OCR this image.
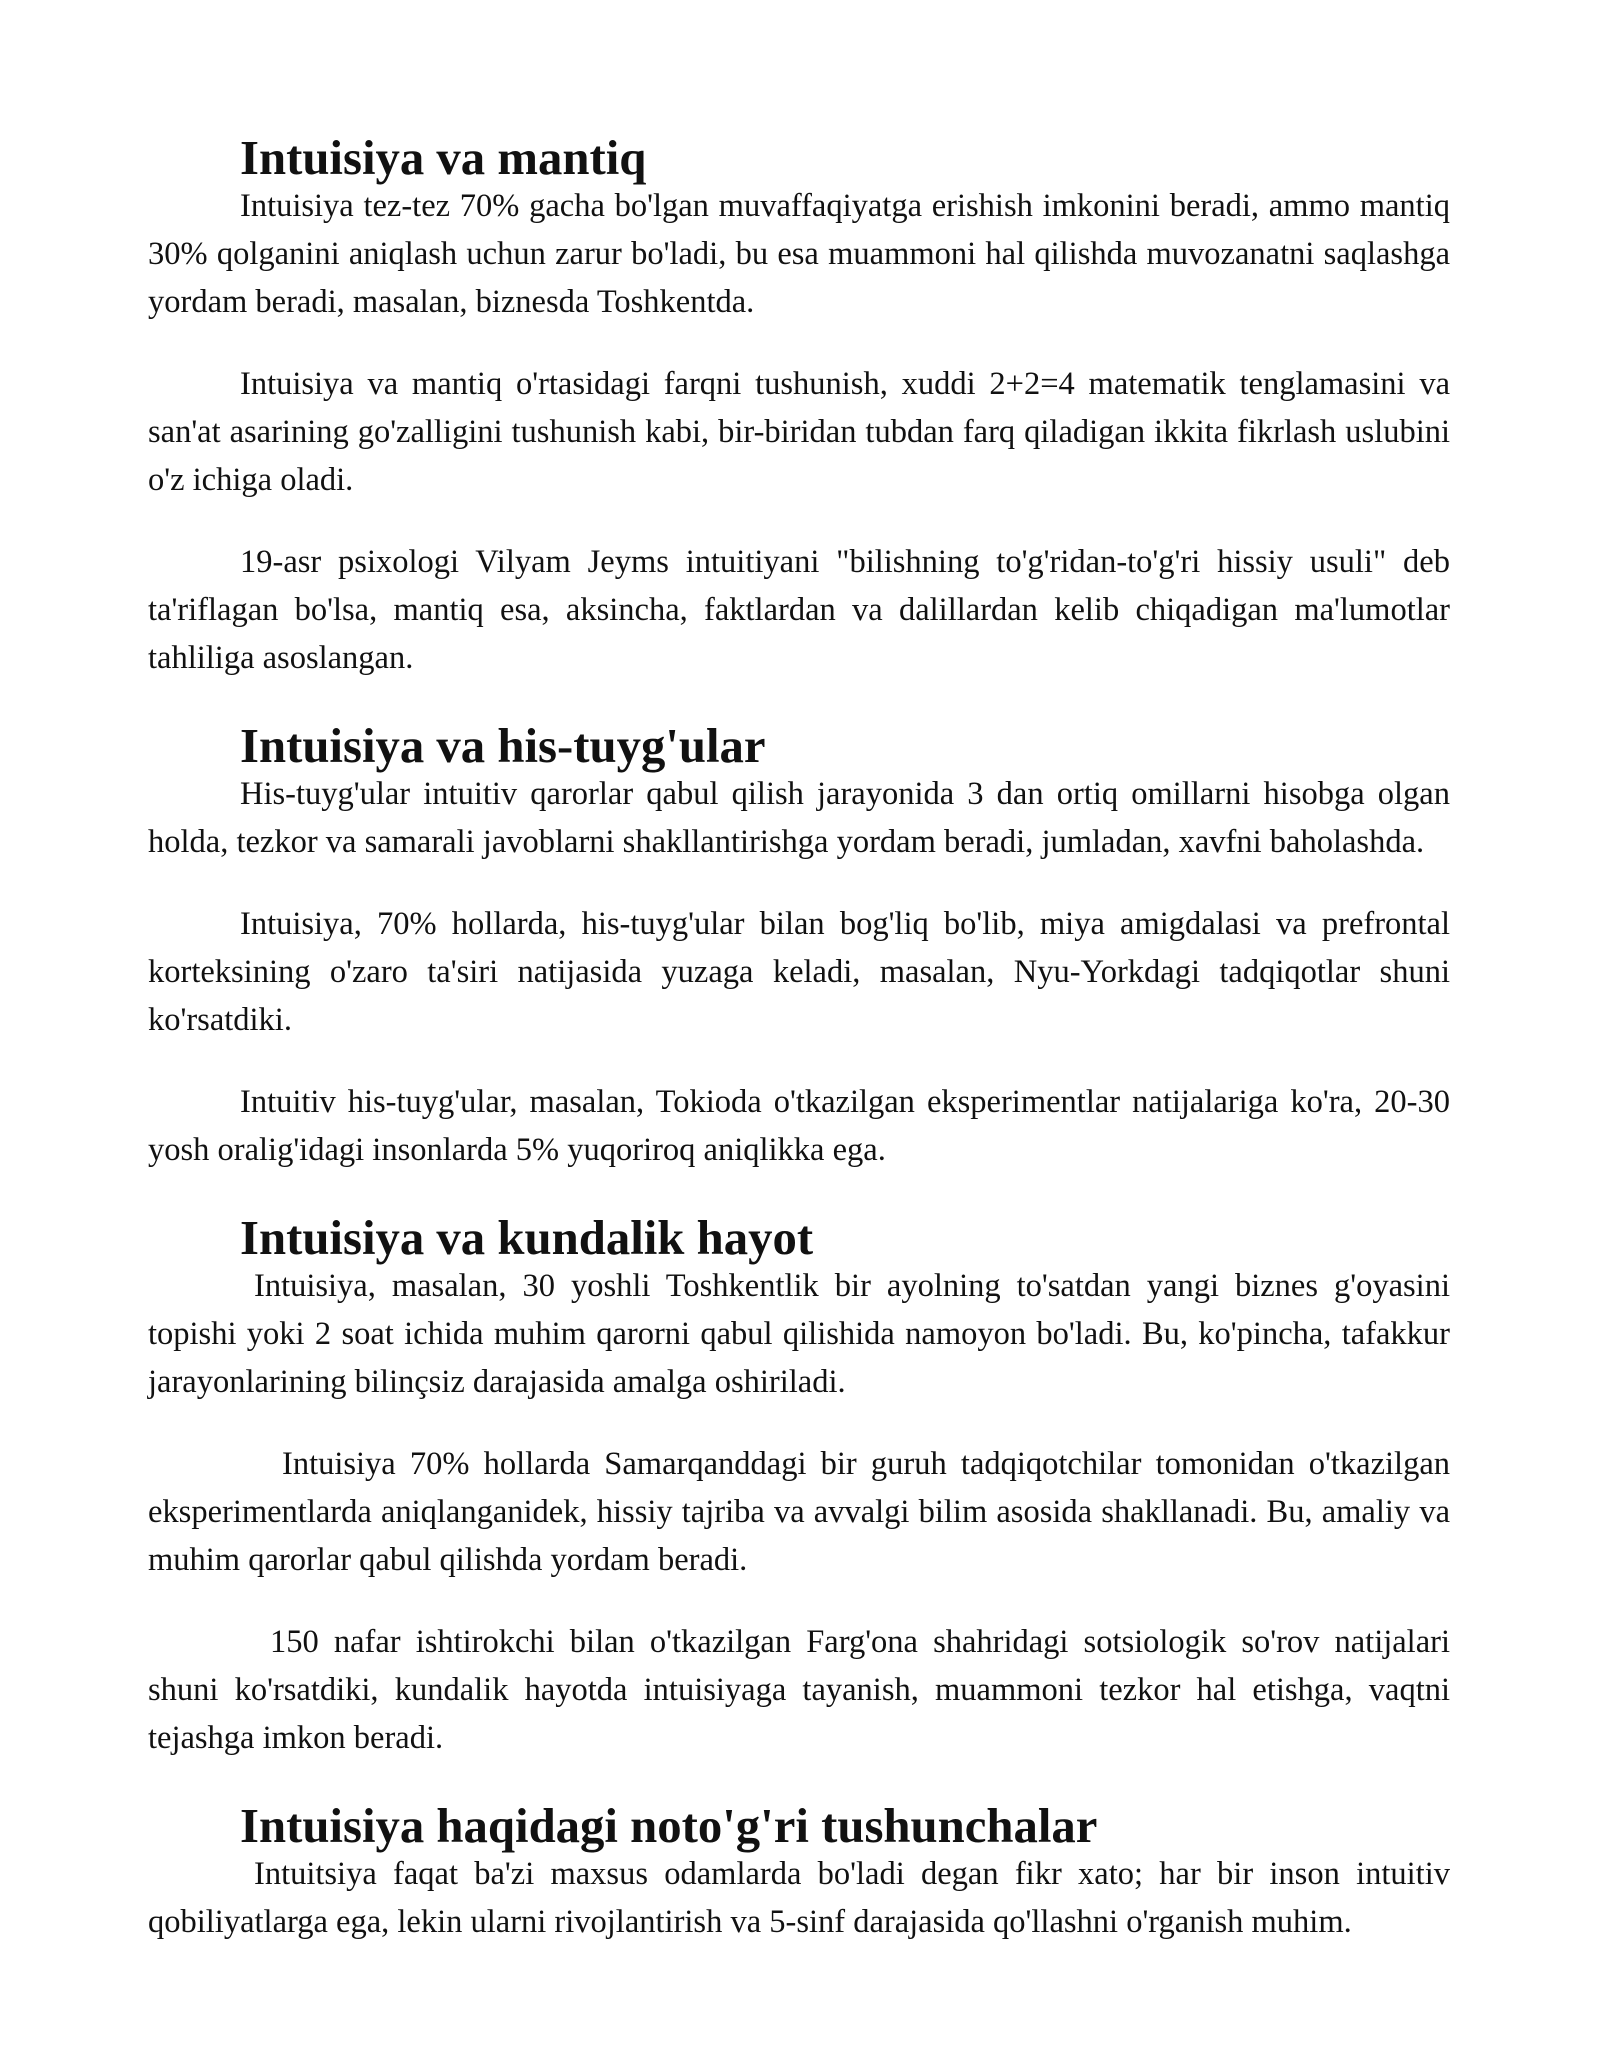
Intuisiya va mantiq

Intuisiya tez-tez 70% gacha bo'lgan muvaffaqiyatga erishish imkonini beradi, ammo mantiq 30% qolganini aniqlash uchun zarur bo'ladi, bu esa muammoni hal qilishda muvozanatni saqlashga yordam beradi, masalan, biznesda Toshkentda.

Intuisiya va mantiq o'rtasidagi farqni tushunish, xuddi 2+2=4 matematik tenglamasini va san'at asarining go'zalligini tushunish kabi, bir-biridan tubdan farq qiladigan ikkita fikrlash uslubini o'z ichiga oladi.

19-asr psixologi Vilyam Jeyms intuitiyani "bilishning to'g'ridan-to'g'ri hissiy usuli" deb ta'riflagan bo'lsa, mantiq esa, aksincha, faktlardan va dalillardan kelib chiqadigan ma'lumotlar tahliliga asoslangan.

Intuisiya va his-tuyg'ular

His-tuyg'ular intuitiv qarorlar qabul qilish jarayonida 3 dan ortiq omillarni hisobga olgan holda, tezkor va samarali javoblarni shakllantirishga yordam beradi, jumladan, xavfni baholashda.

Intuisiya, 70% hollarda, his-tuyg'ular bilan bog'liq bo'lib, miya amigdalasi va prefrontal korteksining o'zaro ta'siri natijasida yuzaga keladi, masalan, Nyu-Yorkdagi tadqiqotlar shuni ko'rsatdiki.

Intuitiv his-tuyg'ular, masalan, Tokioda o'tkazilgan eksperimentlar natijalariga ko'ra, 20-30 yosh oralig'idagi insonlarda 5% yuqoriroq aniqlikka ega.

Intuisiya va kundalik hayot

Intuisiya, masalan, 30 yoshli Toshkentlik bir ayolning to'satdan yangi biznes g'oyasini topishi yoki 2 soat ichida muhim qarorni qabul qilishida namoyon bo'ladi. Bu, ko'pincha, tafakkur jarayonlarining bilinçsiz darajasida amalga oshiriladi.

Intuisiya 70% hollarda Samarqanddagi bir guruh tadqiqotchilar tomonidan o'tkazilgan eksperimentlarda aniqlanganidek, hissiy tajriba va avvalgi bilim asosida shakllanadi. Bu, amaliy va muhim qarorlar qabul qilishda yordam beradi.

150 nafar ishtirokchi bilan o'tkazilgan Farg'ona shahridagi sotsiologik so'rov natijalari shuni ko'rsatdiki, kundalik hayotda intuisiyaga tayanish, muammoni tezkor hal etishga, vaqtni tejashga imkon beradi.

Intuisiya haqidagi noto'g'ri tushunchalar

Intuitsiya faqat ba'zi maxsus odamlarda bo'ladi degan fikr xato; har bir inson intuitiv qobiliyatlarga ega, lekin ularni rivojlantirish va 5-sinf darajasida qo'llashni o'rganish muhim.
